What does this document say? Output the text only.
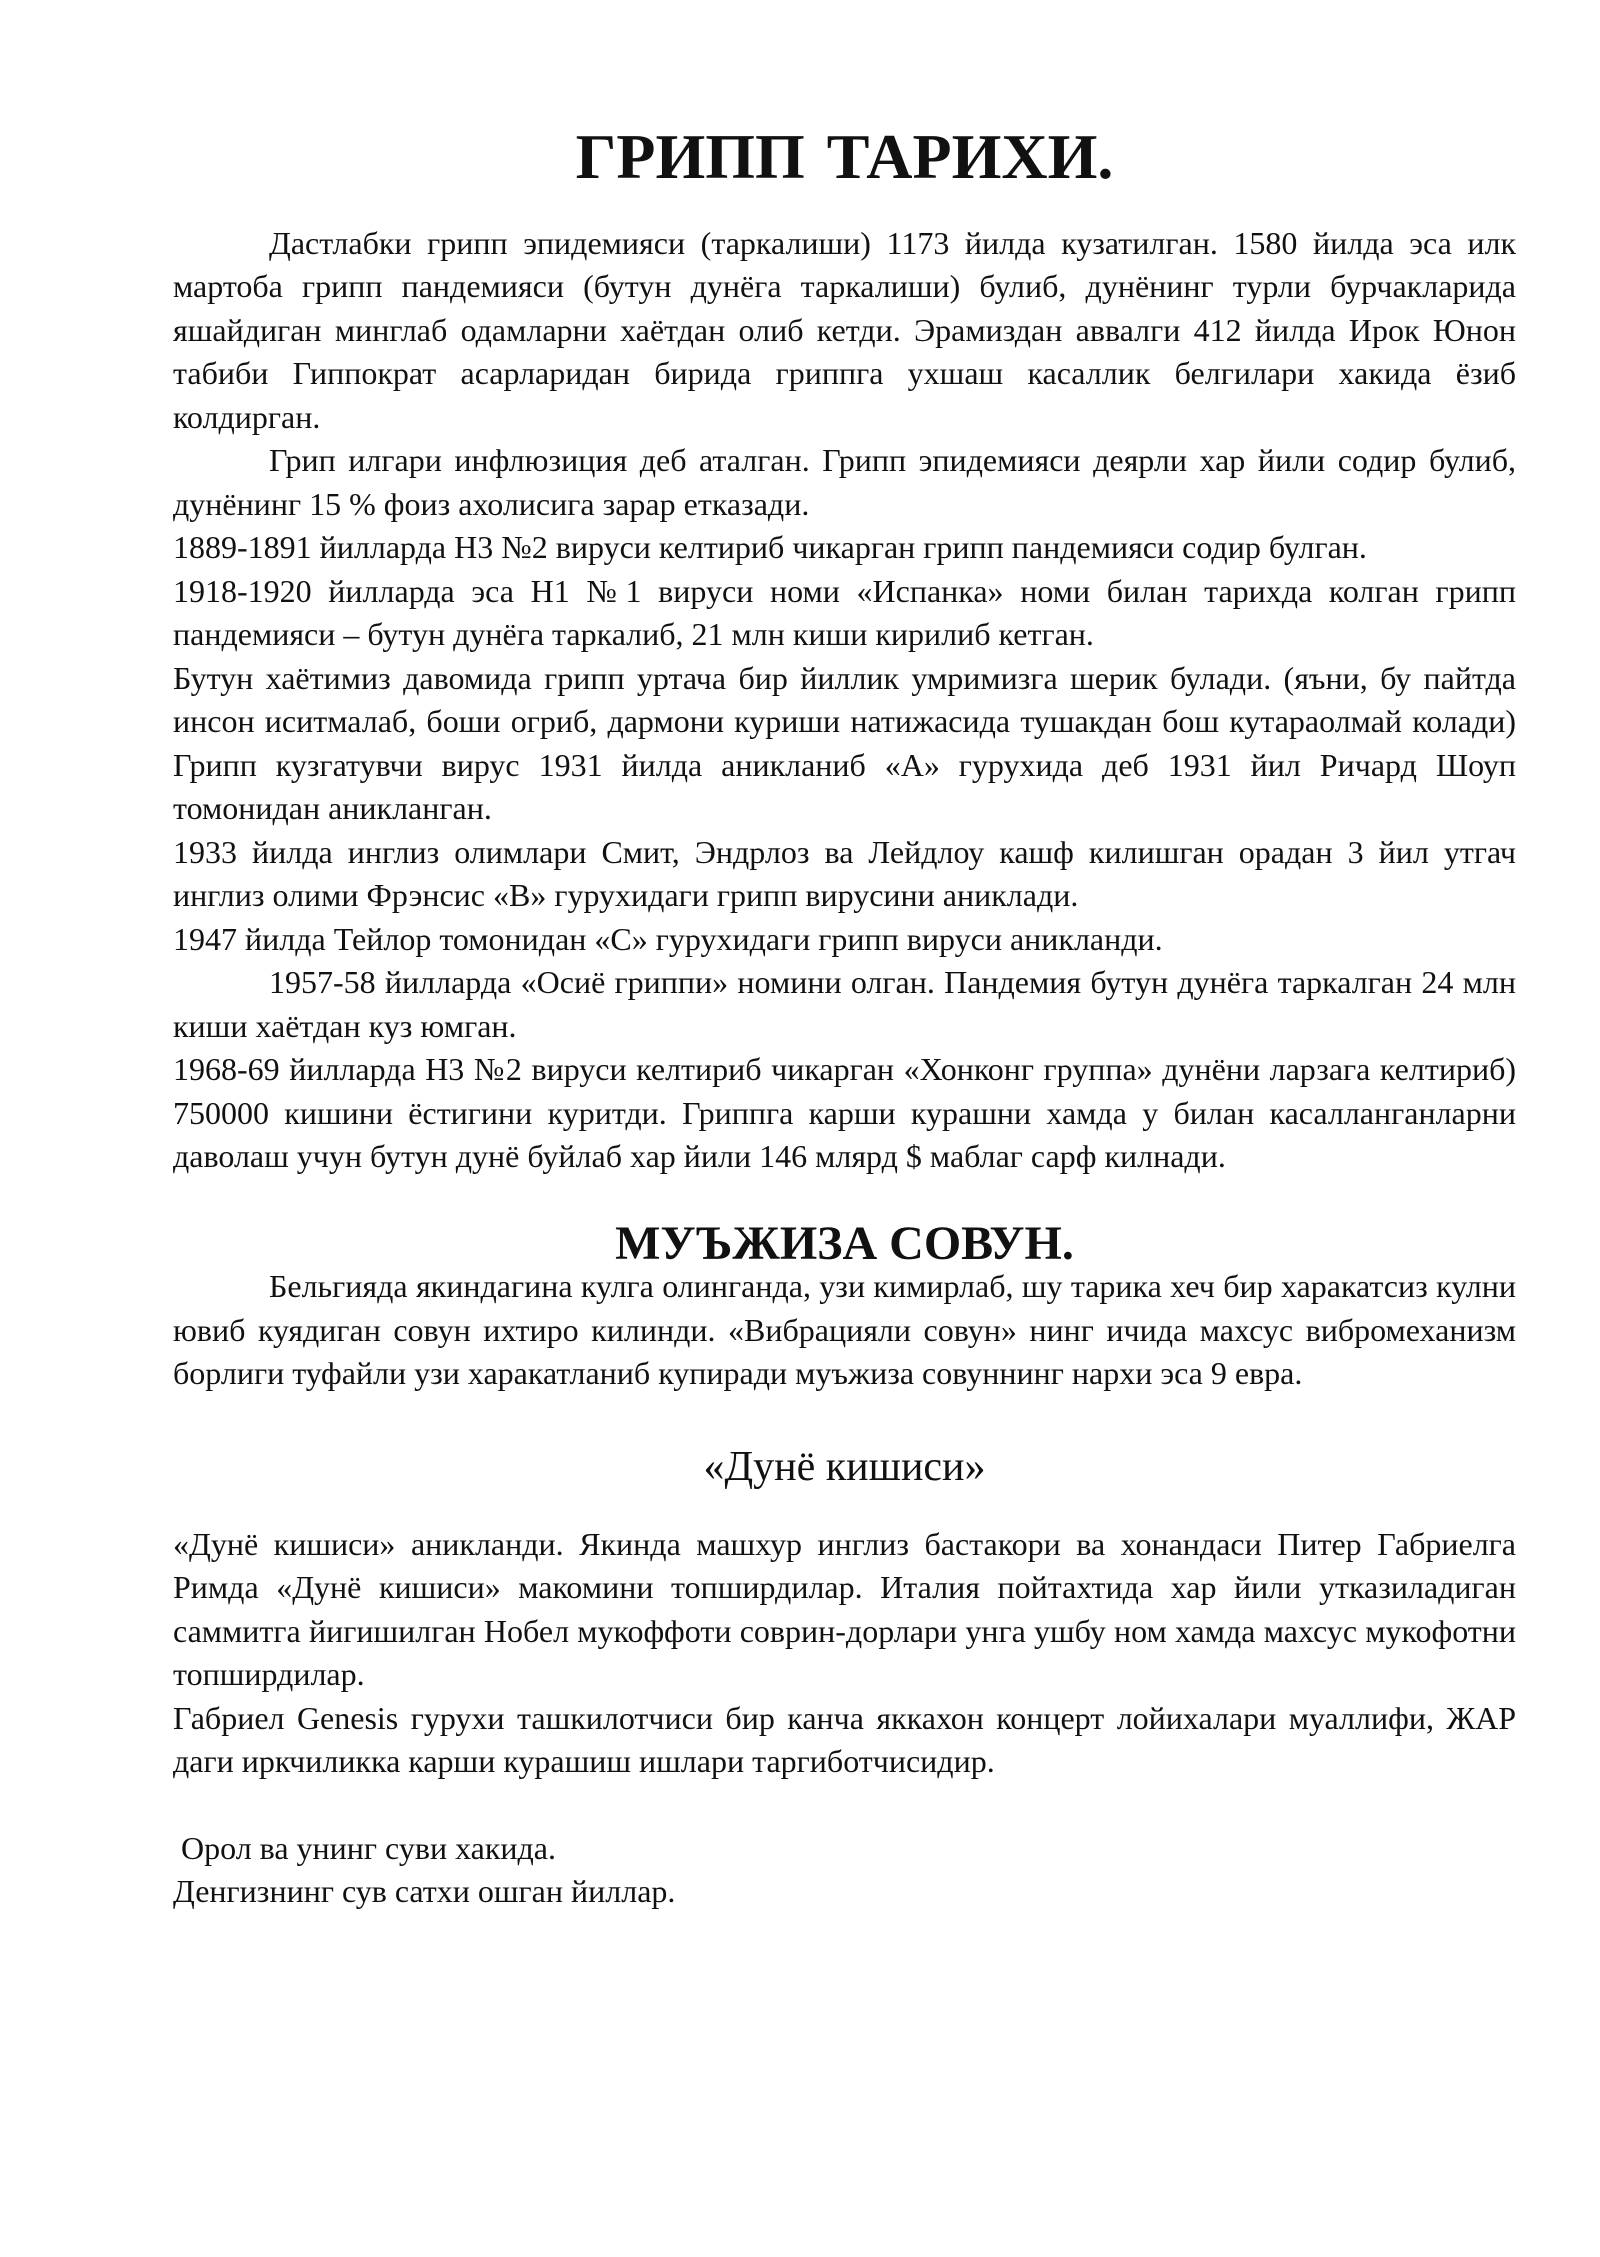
ГРИПП ТАРИХИ.

Дастлабки грипп эпидемияси (таркалиши) 1173 йилда кузатилган. 1580 йилда эса илк мартоба грипп пандемияси (бутун дунёга таркалиши) булиб, дунёнинг турли бурчакларида яшайдиган минглаб одамларни хаётдан олиб кетди. Эрамиздан аввалги 412 йилда Ирок Юнон табиби Гиппократ асарларидан бирида гриппга ухшаш касаллик белгилари хакида ёзиб колдирган.

Грип илгари инфлюзиция деб аталган. Грипп эпидемияси деярли хар йили содир булиб, дунёнинг 15 % фоиз ахолисига зарар етказади.

1889-1891 йилларда Н3 №2 вируси келтириб чикарган грипп пандемияси содир булган.

1918-1920 йилларда эса Н1 №1 вируси номи «Испанка» номи билан тарихда колган грипп пандемияси – бутун дунёга таркалиб, 21 млн киши кирилиб кетган.

Бутун хаётимиз давомида грипп уртача бир йиллик умримизга шерик булади. (яъни, бу пайтда инсон иситмалаб, боши огриб, дармони куриши натижасида тушакдан бош кутараолмай колади) Грипп кузгатувчи вирус 1931 йилда аникланиб «А» гурухида деб 1931 йил Ричард Шоуп томонидан аникланган.

1933 йилда инглиз олимлари Смит, Эндрлоз ва Лейдлоу кашф килишган орадан 3 йил утгач инглиз олими Фрэнсис «В» гурухидаги грипп вирусини аниклади.

1947 йилда Тейлор томонидан «С» гурухидаги грипп вируси аникланди.

1957-58 йилларда «Осиё гриппи» номини олган. Пандемия бутун дунёга таркалган 24 млн киши хаётдан куз юмган.

1968-69 йилларда Н3 №2 вируси келтириб чикарган «Хонконг группа» дунёни ларзага келтириб) 750000 кишини ёстигини куритди. Гриппга карши курашни хамда у билан касалланганларни даволаш учун бутун дунё буйлаб хар йили 146 млярд $ маблаг сарф килнади.

МУЪЖИЗА СОВУН.

Бельгияда якиндагина кулга олинганда, узи кимирлаб, шу тарика хеч бир харакатсиз кулни ювиб куядиган совун ихтиро килинди. «Вибрацияли совун» нинг ичида махсус вибромеханизм борлиги туфайли узи харакатланиб купиради муъжиза совуннинг нархи эса 9 евра.

«Дунё кишиси»

«Дунё кишиси» аникланди. Якинда машхур инглиз бастакори ва хонандаси Питер Габриелга Римда «Дунё кишиси» макомини топширдилар. Италия пойтахтида хар йили утказиладиган саммитга йигишилган Нобел мукоффоти соврин-дорлари унга ушбу ном хамда махсус мукофотни топширдилар.

Габриел Genesis гурухи ташкилотчиси бир канча яккахон концерт лойихалари муаллифи, ЖАР даги иркчиликка карши курашиш ишлари таргиботчисидир.

Орол ва унинг суви хакида.

Денгизнинг сув сатхи ошган йиллар.
